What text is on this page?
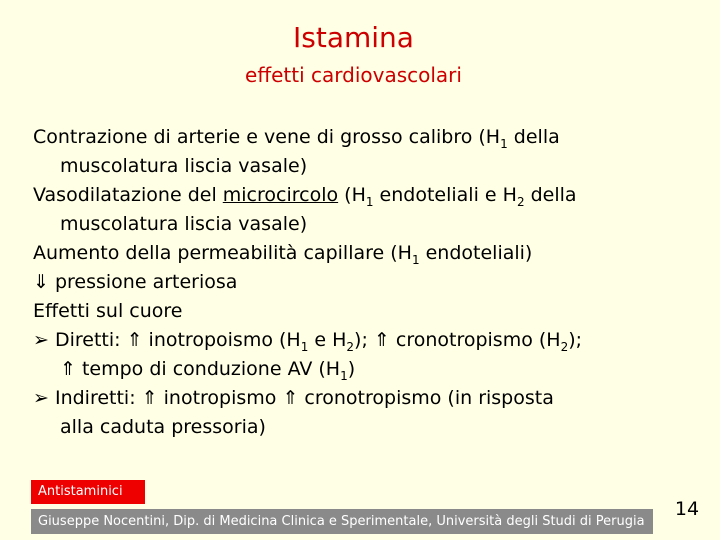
Istamina
effetti cardiovascolari
Contrazione di arterie e vene di grosso calibro ($H_1$ della
muscolatura liscia vasale)
Vasodilatazione del microcircolo ($H_1$ endoteliali e $H_2$ della
muscolatura liscia vasale)
Aumento della permeabilità capillare ($H_1$ endoteliali)
⇓ pressione arteriosa
Effetti sul cuore
➢ Diretti: ⇑ inotropoismo ($H_1$ e $H_2$); ⇑ cronotropismo $(H_2)$;
⇑ tempo di conduzione AV $(H_1)$
➢ Indiretti: ⇑ inotropismo ⇑ cronotropismo (in risposta
alla caduta pressoria)
Antistaminici
Giuseppe Nocentini, Dip. di Medicina Clinica e Sperimentale, Università degli Studi di Perugia
14
